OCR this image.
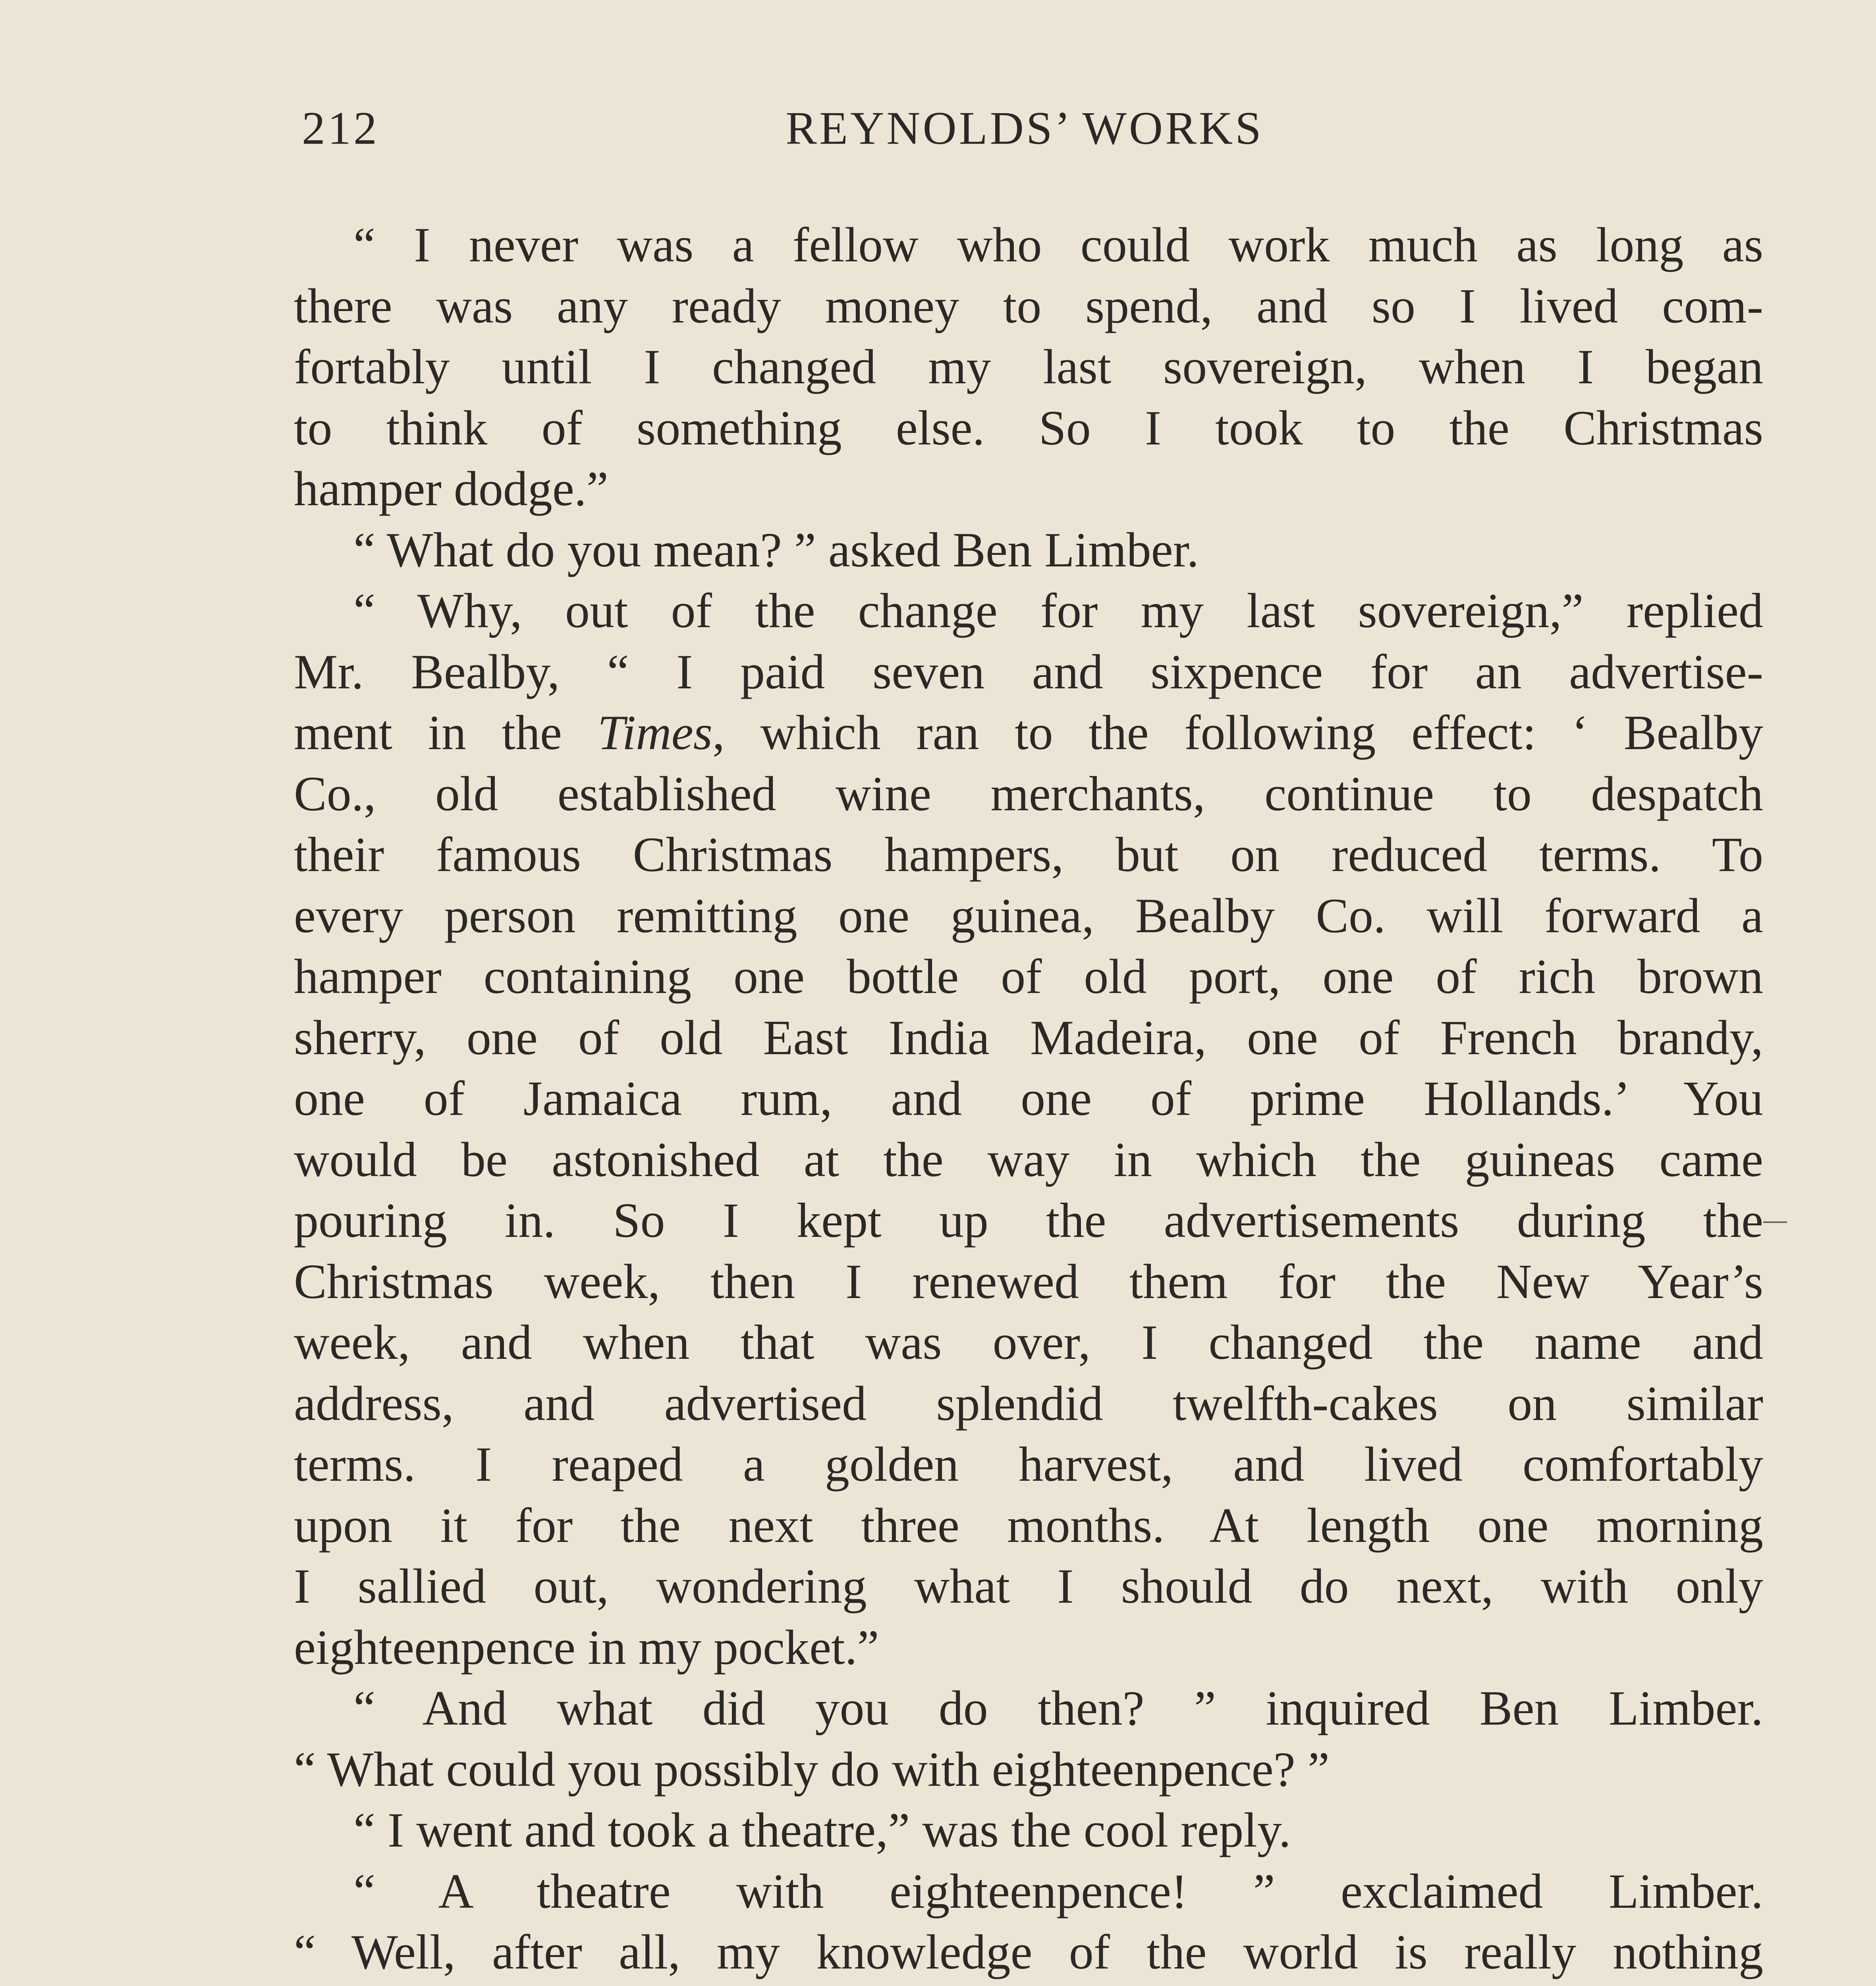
212	REYNOLDS’ WORKS
“ I never was a fellow who could work much as long as
there was any ready money to spend, and so I lived com-
fortably until I changed my last sovereign, when I began
to think of something else. So I took to the Christmas
hamper dodge.”
“ What do you mean? ” asked Ben Limber.
“ Why, out of the change for my last sovereign,” replied
Mr. Bealby, “ I paid seven and sixpence for an advertise-
ment in the Times, which ran to the following effect: ‘ Bealby
Co., old established wine merchants, continue to despatch
their famous Christmas hampers, but on reduced terms. To
every person remitting one guinea, Bealby Co. will forward a
hamper containing one bottle of old port, one of rich brown
sherry, one of old East India Madeira, one of French brandy,
one of Jamaica rum, and one of prime Hollands.’ You
would be astonished at the way in which the guineas came
pouring in. So I kept up the advertisements during the
Christmas week, then I renewed them for the New Year’s
week, and when that was over, I changed the name and
address, and advertised splendid twelfth-cakes on similar
terms. I reaped a golden harvest, and lived comfortably
upon it for the next three months. At length one morning
I sallied out, wondering what I should do next, with only
eighteenpence in my pocket.”
“ And what did you do then? ” inquired Ben Limber.
“ What could you possibly do with eighteenpence? ”
“ I went and took a theatre,” was the cool reply.
“ A theatre with eighteenpence! ” exclaimed Limber.
“ Well, after all, my knowledge of the world is really nothing
